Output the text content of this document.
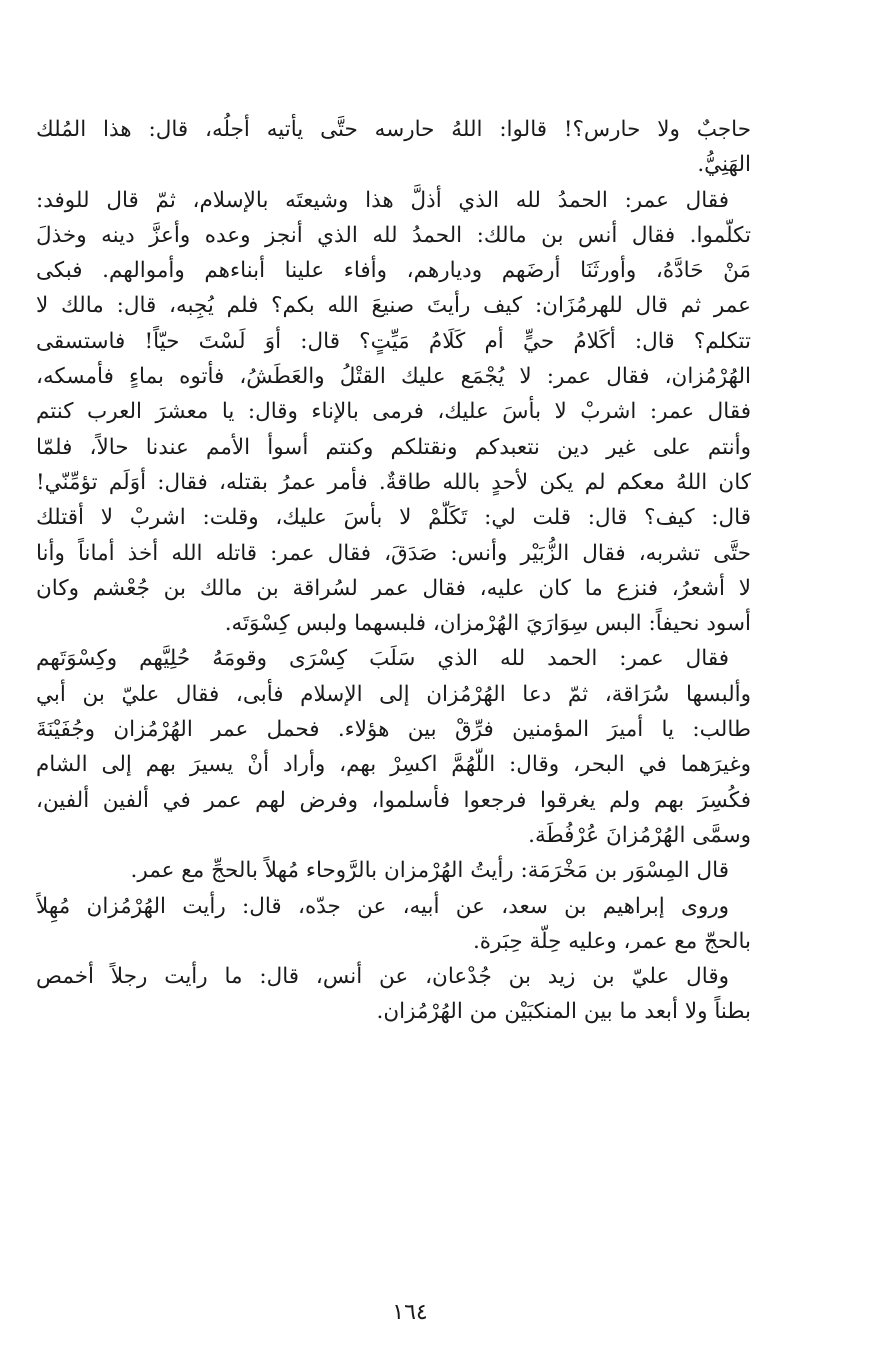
حاجبٌ ولا حارس؟! قالوا: اللهُ حارسه حتَّى يأتيه أجلُه، قال: هذا المُلك
الهَنِيُّ.
فقال عمر: الحمدُ لله الذي أذلَّ هذا وشيعتَه بالإسلام، ثمّ قال للوفد:
تكلَّموا. فقال أنس بن مالك: الحمدُ لله الذي أنجز وعده وأعزَّ دينه وخذلَ
مَنْ حَادَّهُ، وأورثَنَا أرضَهم وديارهم، وأفاء علينا أبناءهم وأموالهم. فبكى
عمر ثم قال للهرمُزَان: كيف رأيتَ صنيعَ الله بكم؟ فلم يُجِبه، قال: مالك لا
تتكلم؟ قال: أكَلامُ حيٍّ أم كَلَامُ مَيِّتٍ؟ قال: أوَ لَسْتَ حيّاً! فاستسقى
الهُرْمُزان، فقال عمر: لا يُجْمَع عليك القتْلُ والعَطَشُ، فأتوه بماءٍ فأمسكه،
فقال عمر: اشربْ لا بأسَ عليك، فرمى بالإناء وقال: يا معشرَ العرب كنتم
وأنتم على غير دين نتعبدكم ونقتلكم وكنتم أسوأ الأمم عندنا حالاً، فلمّا
كان اللهُ معكم لم يكن لأحدٍ بالله طاقةٌ. فأمر عمرُ بقتله، فقال: أوَلَم تؤمِّنّي!
قال: كيف؟ قال: قلت لي: تَكَلَّمْ لا بأسَ عليك، وقلت: اشربْ لا أقتلك
حتَّى تشربه، فقال الزُّبَيْر وأنس: صَدَقَ، فقال عمر: قاتله الله أخذ أماناً وأنا
لا أشعرُ، فنزع ما كان عليه، فقال عمر لسُراقة بن مالك بن جُعْشم وكان
أسود نحيفاً: البس سِوَارَيَ الهُرْمزان، فلبسهما ولبس كِسْوَتَه.
فقال عمر: الحمد لله الذي سَلَبَ كِسْرَى وقومَهُ حُلِيَّهم وكِسْوَتَهم
وألبسها سُرَاقة، ثمّ دعا الهُرْمُزان إلى الإسلام فأبى، فقال عليّ بن أبي
طالب: يا أميرَ المؤمنين فرِّقْ بين هؤلاء. فحمل عمر الهُرْمُزان وجُفَيْنَةَ
وغيرَهما في البحر، وقال: اللَّهُمَّ اكسِرْ بهم، وأراد أنْ يسيرَ بهم إلى الشام
فكُسِرَ بهم ولم يغرقوا فرجعوا فأسلموا، وفرض لهم عمر في ألفين ألفين،
وسمَّى الهُرْمُزانَ عُرْفُطَة.
قال المِسْوَر بن مَخْرَمَة: رأيتُ الهُرْمزان بالرَّوحاء مُهلاً بالحجِّ مع عمر.
وروى إبراهيم بن سعد، عن أبيه، عن جدّه، قال: رأيت الهُرْمُزان مُهِلاً
بالحجّ مع عمر، وعليه حِلّة حِبَرة.
وقال عليّ بن زيد بن جُدْعان، عن أنس، قال: ما رأيت رجلاً أخمص
بطناً ولا أبعد ما بين المنكبَيْن من الهُرْمُزان.
١٦٤
